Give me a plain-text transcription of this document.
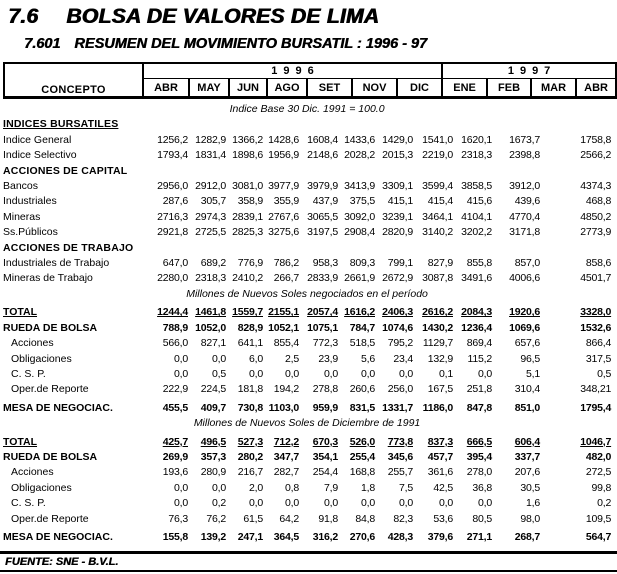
7.6 BOLSA DE VALORES DE LIMA
7.601 RESUMEN DEL MOVIMIENTO BURSATIL : 1996 - 97
CONCEPTO	1996							1997			
	ABR	MAY	JUN	AGO	SET	NOV	DIC	ENE	FEB	MAR	ABR
Indice Base 30 Dic. 1991 = 100.0											
INDICES BURSATILES											
Indice General	1256,2	1282,9	1366,2	1428,6	1608,4	1433,6	1429,0	1541,0	1620,1	1673,7	1758,8
Indice Selectivo	1793,4	1831,4	1898,6	1956,9	2148,6	2028,2	2015,3	2219,0	2318,3	2398,8	2566,2
ACCIONES DE CAPITAL											
Bancos	2956,0	2912,0	3081,0	3977,9	3979,9	3413,9	3309,1	3599,4	3858,5	3912,0	4374,3
Industriales	287,6	305,7	358,9	355,9	437,9	375,5	415,1	415,4	415,6	439,6	468,8
Mineras	2716,3	2974,3	2839,1	2767,6	3065,5	3092,0	3239,1	3464,1	4104,1	4770,4	4850,2
Ss.Públicos	2921,8	2725,5	2825,3	3275,6	3197,5	2908,4	2820,9	3140,2	3202,2	3171,8	2773,9
ACCIONES DE TRABAJO											
Industriales de Trabajo	647,0	689,2	776,9	786,2	958,3	809,3	799,1	827,9	855,8	857,0	858,6
Mineras de Trabajo	2280,0	2318,3	2410,2	266,7	2833,9	2661,9	2672,9	3087,8	3491,6	4006,6	4501,7
Millones de Nuevos Soles negociados en el período											
TOTAL	1244,4	1461,8	1559,7	2155,1	2057,4	1616,2	2406,3	2616,2	2084,3	1920,6	3328,0
RUEDA DE BOLSA	788,9	1052,0	828,9	1052,1	1075,1	784,7	1074,6	1430,2	1236,4	1069,6	1532,6
Acciones	566,0	827,1	641,1	855,4	772,3	518,5	795,2	1129,7	869,4	657,6	866,4
Obligaciones	0,0	0,0	6,0	2,5	23,9	5,6	23,4	132,9	115,2	96,5	317,5
C. S. P.	0,0	0,5	0,0	0,0	0,0	0,0	0,0	0,1	0,0	5,1	0,5
Oper.de Reporte	222,9	224,5	181,8	194,2	278,8	260,6	256,0	167,5	251,8	310,4	348,21
MESA DE NEGOCIAC.	455,5	409,7	730,8	1103,0	959,9	831,5	1331,7	1186,0	847,8	851,0	1795,4
Millones de Nuevos Soles de Diciembre de 1991											
TOTAL	425,7	496,5	527,3	712,2	670,3	526,0	773,8	837,3	666,5	606,4	1046,7
RUEDA DE BOLSA	269,9	357,3	280,2	347,7	354,1	255,4	345,6	457,7	395,4	337,7	482,0
Acciones	193,6	280,9	216,7	282,7	254,4	168,8	255,7	361,6	278,0	207,6	272,5
Obligaciones	0,0	0,0	2,0	0,8	7,9	1,8	7,5	42,5	36,8	30,5	99,8
C. S. P.	0,0	0,2	0,0	0,0	0,0	0,0	0,0	0,0	0,0	1,6	0,2
Oper.de Reporte	76,3	76,2	61,5	64,2	91,8	84,8	82,3	53,6	80,5	98,0	109,5
MESA DE NEGOCIAC.	155,8	139,2	247,1	364,5	316,2	270,6	428,3	379,6	271,1	268,7	564,7
FUENTE: SNE - B.V.L.
